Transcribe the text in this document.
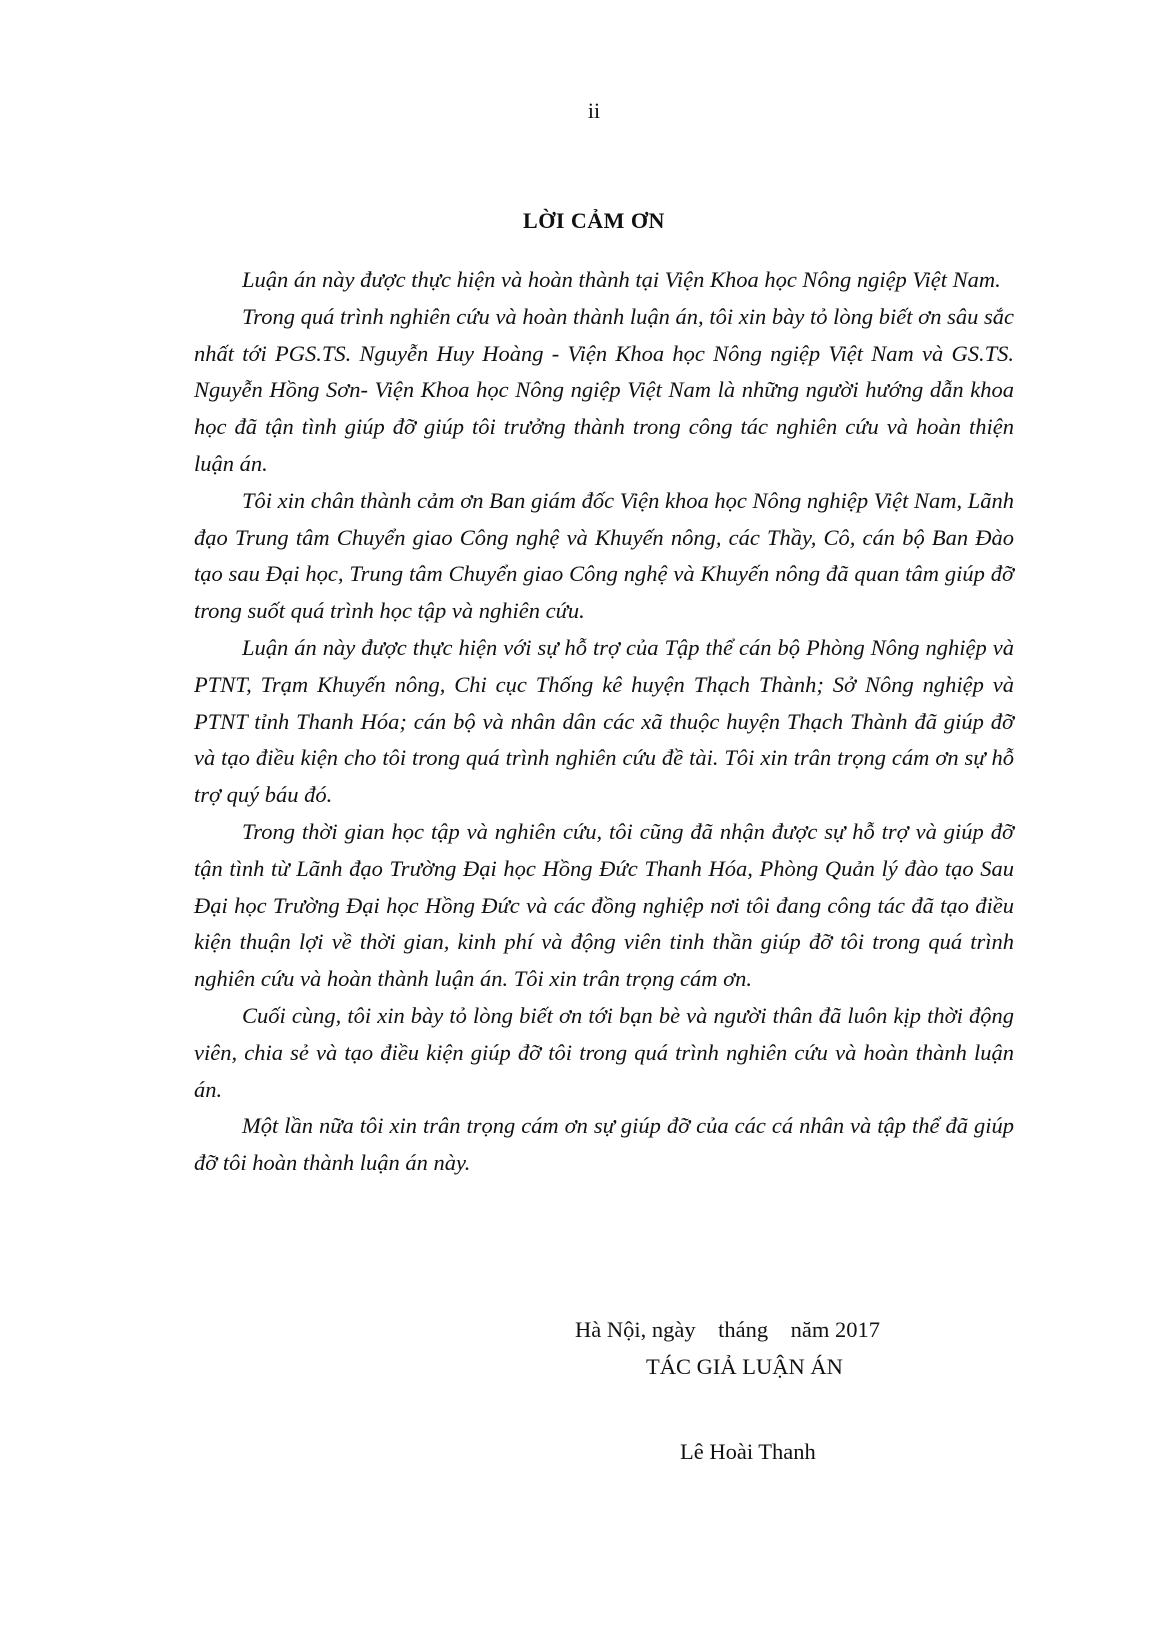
ii
LỜI CẢM ƠN

Luận án này được thực hiện và hoàn thành tại Viện Khoa học Nông ngiệp Việt Nam.

Trong quá trình nghiên cứu và hoàn thành luận án, tôi xin bày tỏ lòng biết ơn sâu sắc nhất tới PGS.TS. Nguyễn Huy Hoàng - Viện Khoa học Nông ngiệp Việt Nam và GS.TS. Nguyễn Hồng Sơn- Viện Khoa học Nông ngiệp Việt Nam là những người hướng dẫn khoa học đã tận tình giúp đỡ giúp tôi trưởng thành trong công tác nghiên cứu và hoàn thiện luận án.

Tôi xin chân thành cảm ơn Ban giám đốc Viện khoa học Nông nghiệp Việt Nam, Lãnh đạo Trung tâm Chuyển giao Công nghệ và Khuyến nông, các Thầy, Cô, cán bộ Ban Đào tạo sau Đại học, Trung tâm Chuyển giao Công nghệ và Khuyến nông đã quan tâm giúp đỡ trong suốt quá trình học tập và nghiên cứu.

Luận án này được thực hiện với sự hỗ trợ của Tập thể cán bộ Phòng Nông nghiệp và PTNT, Trạm Khuyến nông, Chi cục Thống kê huyện Thạch Thành; Sở Nông nghiệp và PTNT tỉnh Thanh Hóa; cán bộ và nhân dân các xã thuộc huyện Thạch Thành đã giúp đỡ và tạo điều kiện cho tôi trong quá trình nghiên cứu đề tài. Tôi xin trân trọng cám ơn sự hỗ trợ quý báu đó.

Trong thời gian học tập và nghiên cứu, tôi cũng đã nhận được sự hỗ trợ và giúp đỡ tận tình từ Lãnh đạo Trường Đại học Hồng Đức Thanh Hóa, Phòng Quản lý đào tạo Sau Đại học Trường Đại học Hồng Đức và các đồng nghiệp nơi tôi đang công tác đã tạo điều kiện thuận lợi về thời gian, kinh phí và động viên tinh thần giúp đỡ tôi trong quá trình nghiên cứu và hoàn thành luận án. Tôi xin trân trọng cám ơn.

Cuối cùng, tôi xin bày tỏ lòng biết ơn tới bạn bè và người thân đã luôn kịp thời động viên, chia sẻ và tạo điều kiện giúp đỡ tôi trong quá trình nghiên cứu và hoàn thành luận án.

Một lần nữa tôi xin trân trọng cám ơn sự giúp đỡ của các cá nhân và tập thể đã giúp đỡ tôi hoàn thành luận án này.

Hà Nội, ngày    tháng    năm 2017
TÁC GIẢ LUẬN ÁN
Lê Hoài Thanh
